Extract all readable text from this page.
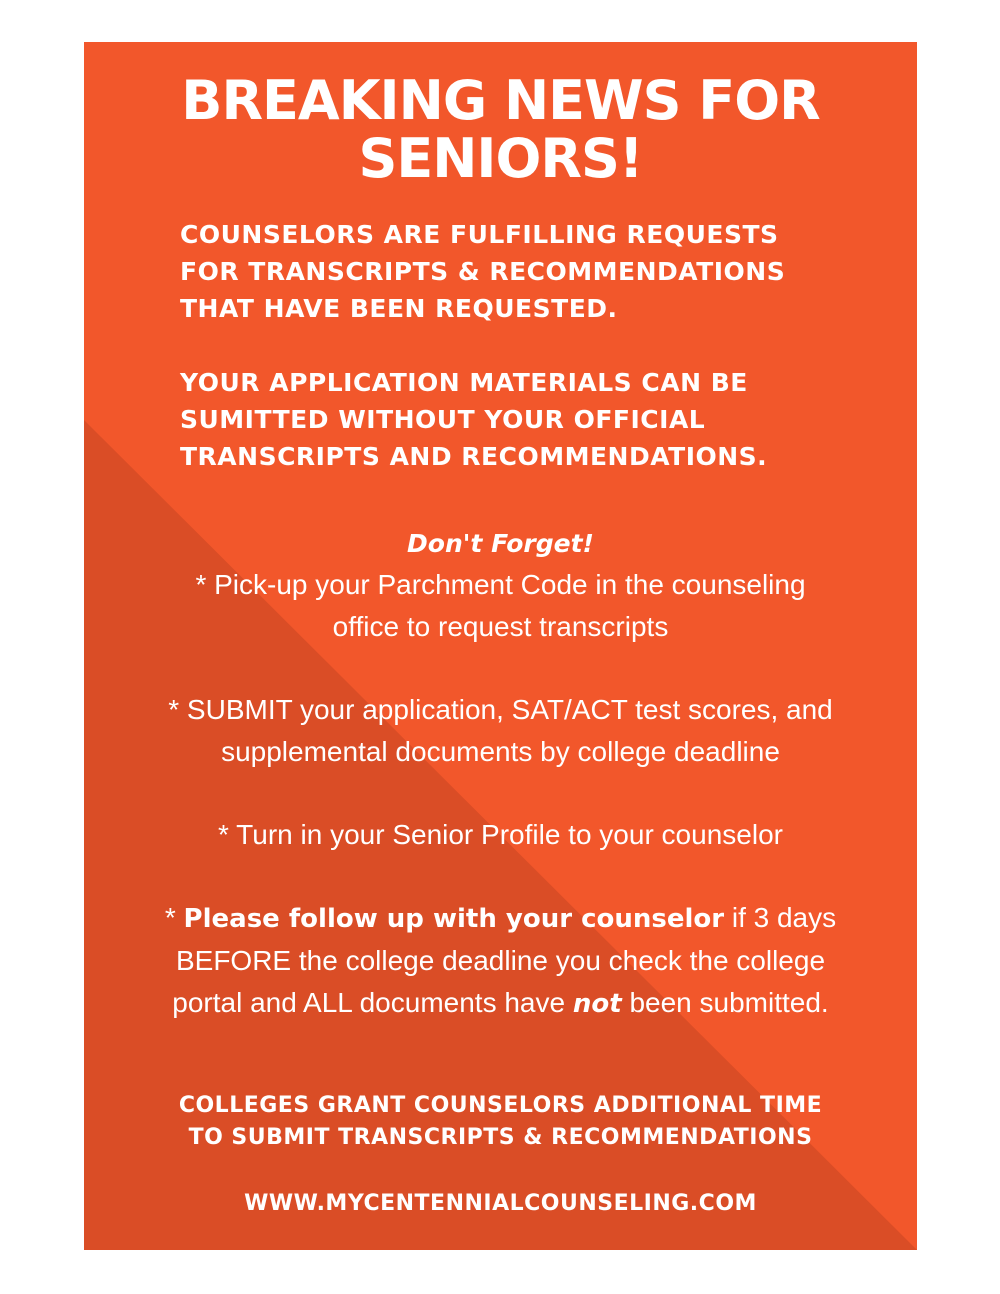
BREAKING NEWS FOR
SENIORS!

COUNSELORS ARE FULFILLING REQUESTS
FOR TRANSCRIPTS & RECOMMENDATIONS
THAT HAVE BEEN REQUESTED.

YOUR APPLICATION MATERIALS CAN BE
SUMITTED WITHOUT YOUR OFFICIAL
TRANSCRIPTS AND RECOMMENDATIONS.

Don't Forget!

* Pick-up your Parchment Code in the counseling
office to request transcripts

* SUBMIT your application, SAT/ACT test scores, and
supplemental documents by college deadline

* Turn in your Senior Profile to your counselor

* Please follow up with your counselor if 3 days
BEFORE the college deadline you check the college
portal and ALL documents have not been submitted.

COLLEGES GRANT COUNSELORS ADDITIONAL TIME
TO SUBMIT TRANSCRIPTS & RECOMMENDATIONS

WWW.MYCENTENNIALCOUNSELING.COM
